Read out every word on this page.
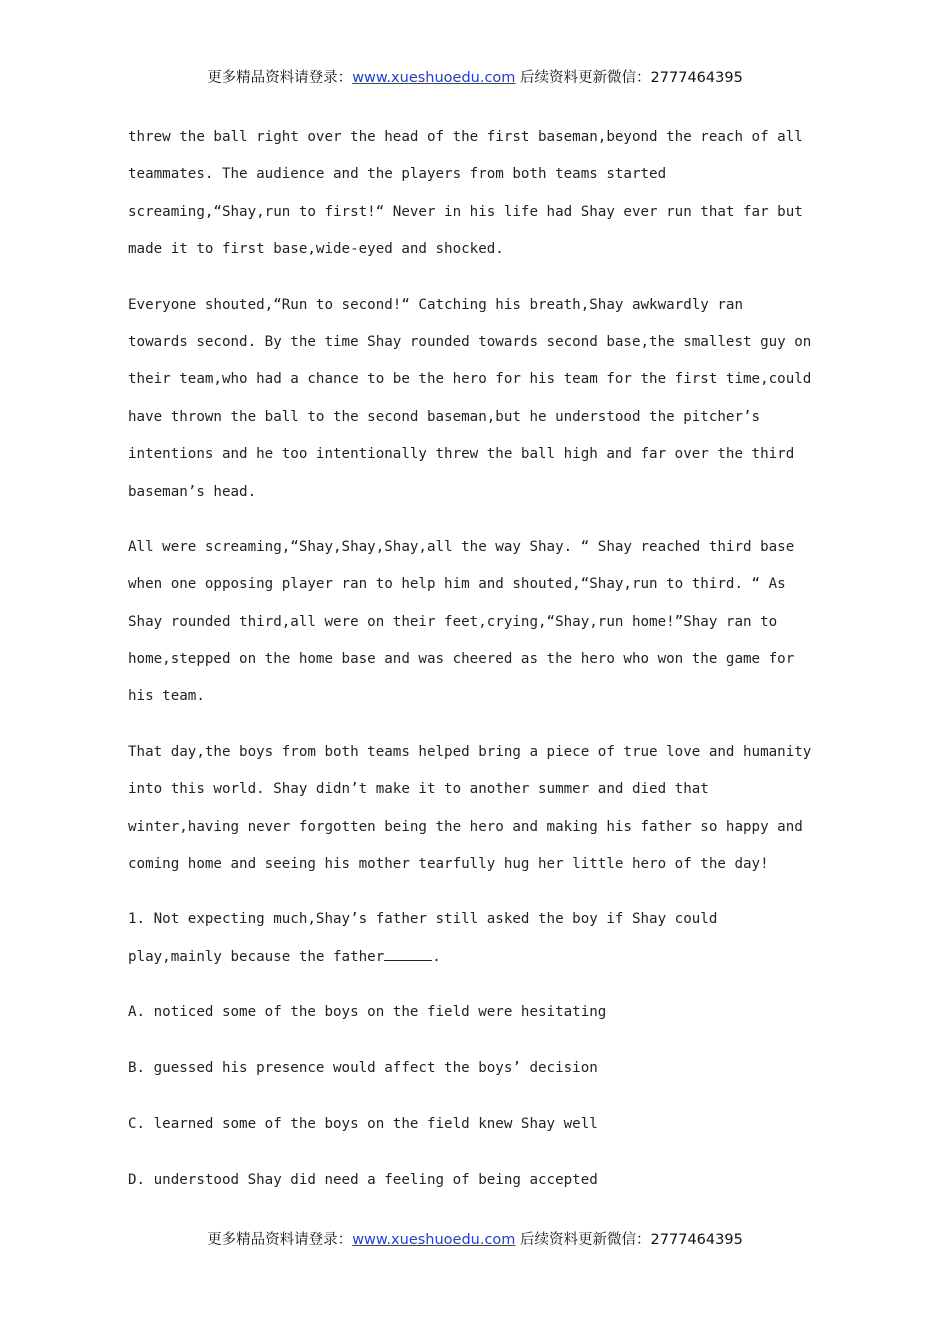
更多精品资料请登录：www.xueshuoedu.com 后续资料更新微信：2777464395
threw the ball right over the head of the first baseman,beyond the reach of all
teammates. The audience and the players from both teams started
screaming,“Shay,run to first!“ Never in his life had Shay ever run that far but
made it to first base,wide-eyed and shocked.
Everyone shouted,“Run to second!“ Catching his breath,Shay awkwardly ran
towards second. By the time Shay rounded towards second base,the smallest guy on
their team,who had a chance to be the hero for his team for the first time,could
have thrown the ball to the second baseman,but he understood the pitcher’s
intentions and he too intentionally threw the ball high and far over the third
baseman’s head.
All were screaming,“Shay,Shay,Shay,all the way Shay. “ Shay reached third base
when one opposing player ran to help him and shouted,“Shay,run to third. “ As
Shay rounded third,all were on their feet,crying,“Shay,run home!”Shay ran to
home,stepped on the home base and was cheered as the hero who won the game for
his team.
That day,the boys from both teams helped bring a piece of true love and humanity
into this world. Shay didn’t make it to another summer and died that
winter,having never forgotten being the hero and making his father so happy and
coming home and seeing his mother tearfully hug her little hero of the day!
1. Not expecting much,Shay’s father still asked the boy if Shay could
play,mainly because the father	.
A. noticed some of the boys on the field were hesitating
B. guessed his presence would affect the boys’ decision
C. learned some of the boys on the field knew Shay well
D. understood Shay did need a feeling of being accepted
更多精品资料请登录：www.xueshuoedu.com 后续资料更新微信：2777464395
